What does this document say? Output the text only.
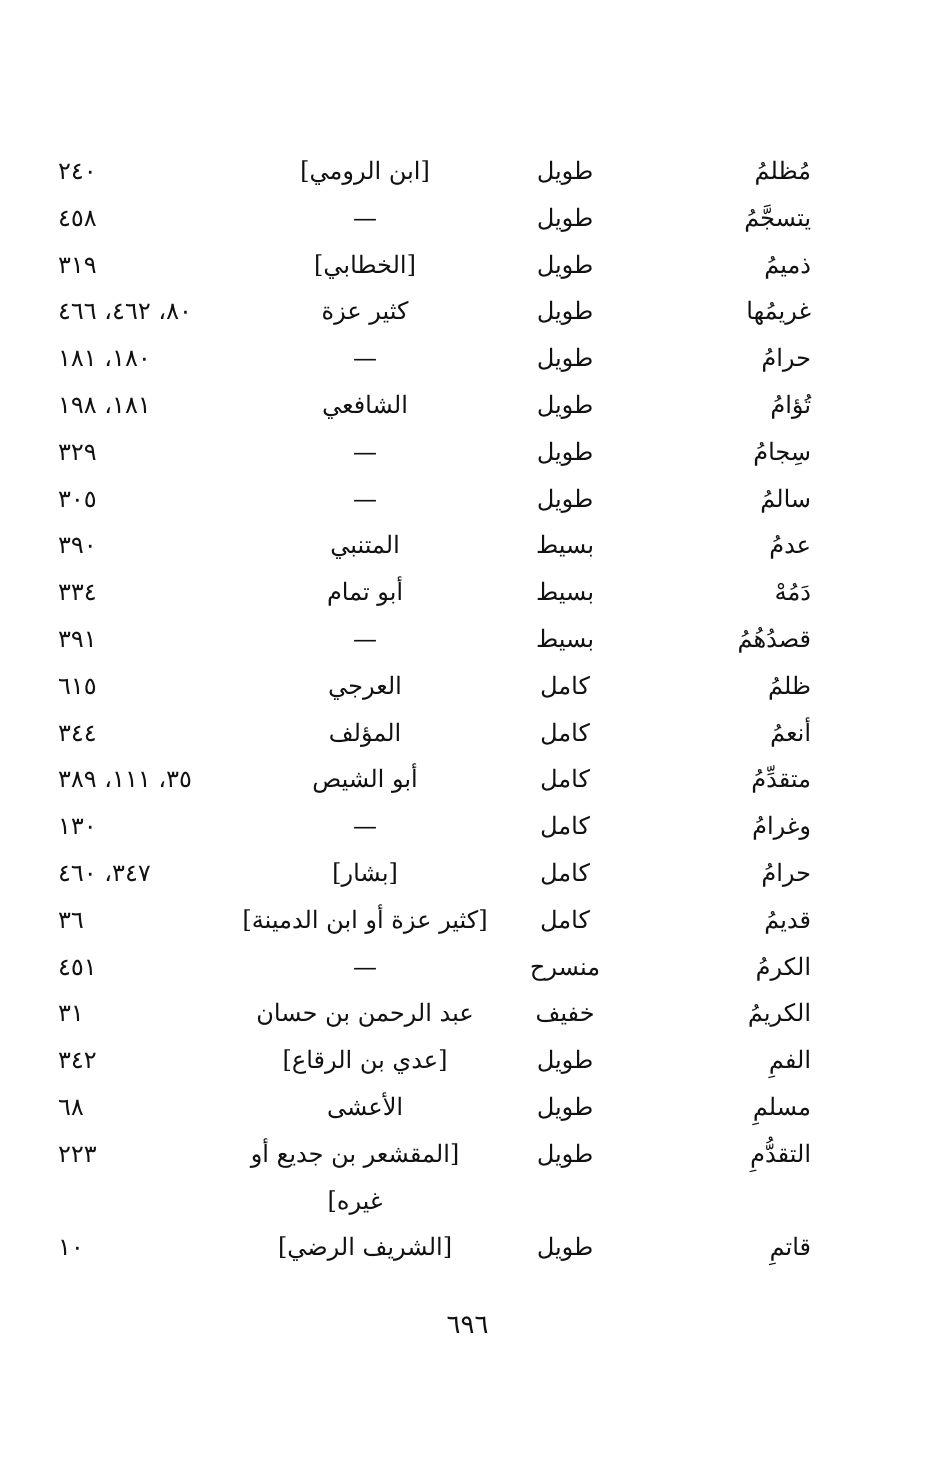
مُظلمُ
طويل
[ابن الرومي]
٢٤٠
يتسجَّمُ
طويل
—
٤٥٨
ذميمُ
طويل
[الخطابي]
٣١٩
غريمُها
طويل
كثير عزة
٨٠، ٤٦٢، ٤٦٦
حرامُ
طويل
—
١٨٠، ١٨١
تُؤامُ
طويل
الشافعي
١٨١، ١٩٨
سِجامُ
طويل
—
٣٢٩
سالمُ
طويل
—
٣٠٥
عدمُ
بسيط
المتنبي
٣٩٠
دَمُهْ
بسيط
أبو تمام
٣٣٤
قصدُهُمُ
بسيط
—
٣٩١
ظلمُ
كامل
العرجي
٦١٥
أنعمُ
كامل
المؤلف
٣٤٤
متقدِّمُ
كامل
أبو الشيص
٣٥، ١١١، ٣٨٩
وغرامُ
كامل
—
١٣٠
حرامُ
كامل
[بشار]
٣٤٧، ٤٦٠
قديمُ
كامل
[كثير عزة أو ابن الدمينة]
٣٦
الكرمُ
منسرح
—
٤٥١
الكريمُ
خفيف
عبد الرحمن بن حسان
٣١
الفمِ
طويل
[عدي بن الرقاع]
٣٤٢
مسلمِ
طويل
الأعشى
٦٨
التقدُّمِ
طويل
[المقشعر بن جديع أو غيره]
٢٢٣
قاتمِ
طويل
[الشريف الرضي]
١٠
٦٩٦
